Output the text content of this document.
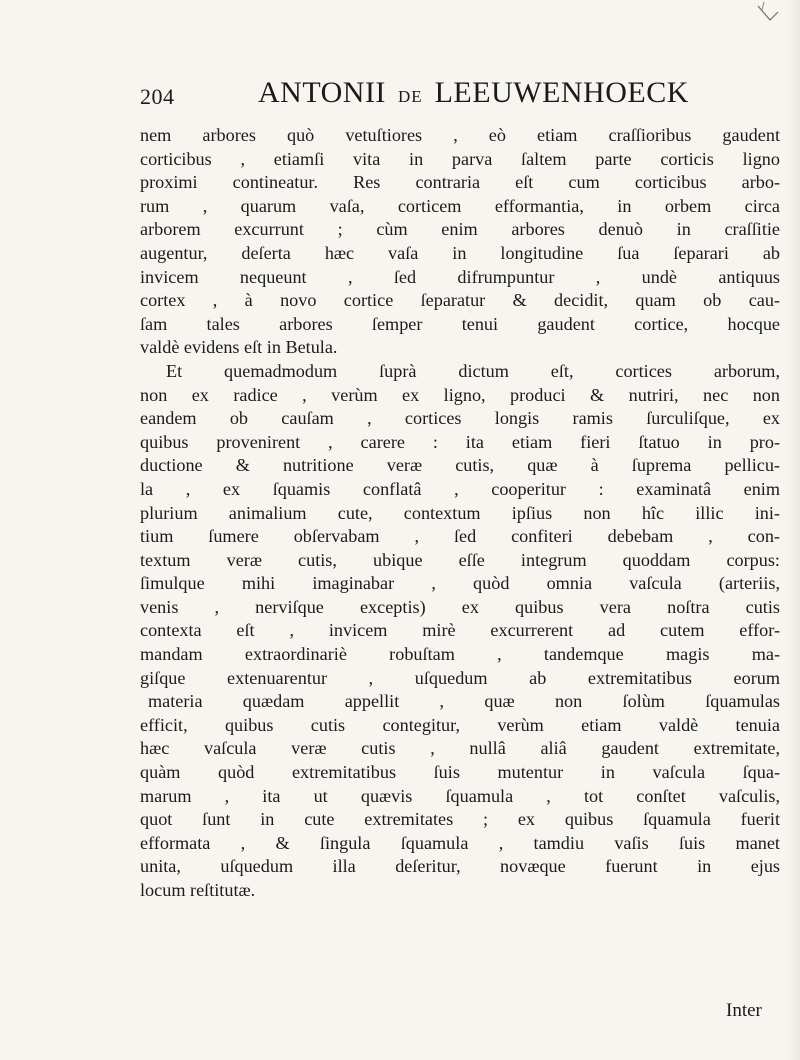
204	ANTONII DE LEEUWENHOECK
nem arbores quò vetuſtiores , eò etiam craſſioribus gaudent
corticibus , etiamſi vita in parva ſaltem parte corticis ligno
proximi contineatur. Res contraria eſt cum corticibus arbo-
rum , quarum vaſa, corticem efformantia, in orbem circa
arborem excurrunt ; cùm enim arbores denuò in craſſitie
augentur, deſerta hæc vaſa in longitudine ſua ſeparari ab
invicem nequeunt , ſed difrumpuntur , undè antiquus
cortex , à novo cortice ſeparatur & decidit, quam ob cau-
ſam tales arbores ſemper tenui gaudent cortice, hocque
valdè evidens eſt in Betula.
Et quemadmodum ſuprà dictum eſt, cortices arborum,
non ex radice , verùm ex ligno, produci & nutriri, nec non
eandem ob cauſam , cortices longis ramis ſurculiſque, ex
quibus provenirent , carere : ita etiam fieri ſtatuo in pro-
ductione & nutritione veræ cutis, quæ à ſuprema pellicu-
la , ex ſquamis conflatâ , cooperitur : examinatâ enim
plurium animalium cute, contextum ipſius non hîc illic ini-
tium ſumere obſervabam , ſed confiteri debebam , con-
textum veræ cutis, ubique eſſe integrum quoddam corpus:
ſimulque mihi imaginabar , quòd omnia vaſcula (arteriis,
venis , nerviſque exceptis) ex quibus vera noſtra cutis
contexta eſt , invicem mirè excurrerent ad cutem effor-
mandam extraordinariè robuſtam , tandemque magis ma-
giſque extenuarentur , uſquedum ab extremitatibus eorum
materia quædam appellit , quæ non ſolùm ſquamulas
efficit, quibus cutis contegitur, verùm etiam valdè tenuia
hæc vaſcula veræ cutis , nullâ aliâ gaudent extremitate,
quàm quòd extremitatibus ſuis mutentur in vaſcula ſqua-
marum , ita ut quævis ſquamula , tot conſtet vaſculis,
quot ſunt in cute extremitates ; ex quibus ſquamula fuerit
efformata , & ſingula ſquamula , tamdiu vaſis ſuis manet
unita, uſquedum illa deſeritur, novæque fuerunt in ejus
locum reſtitutæ.
Inter
